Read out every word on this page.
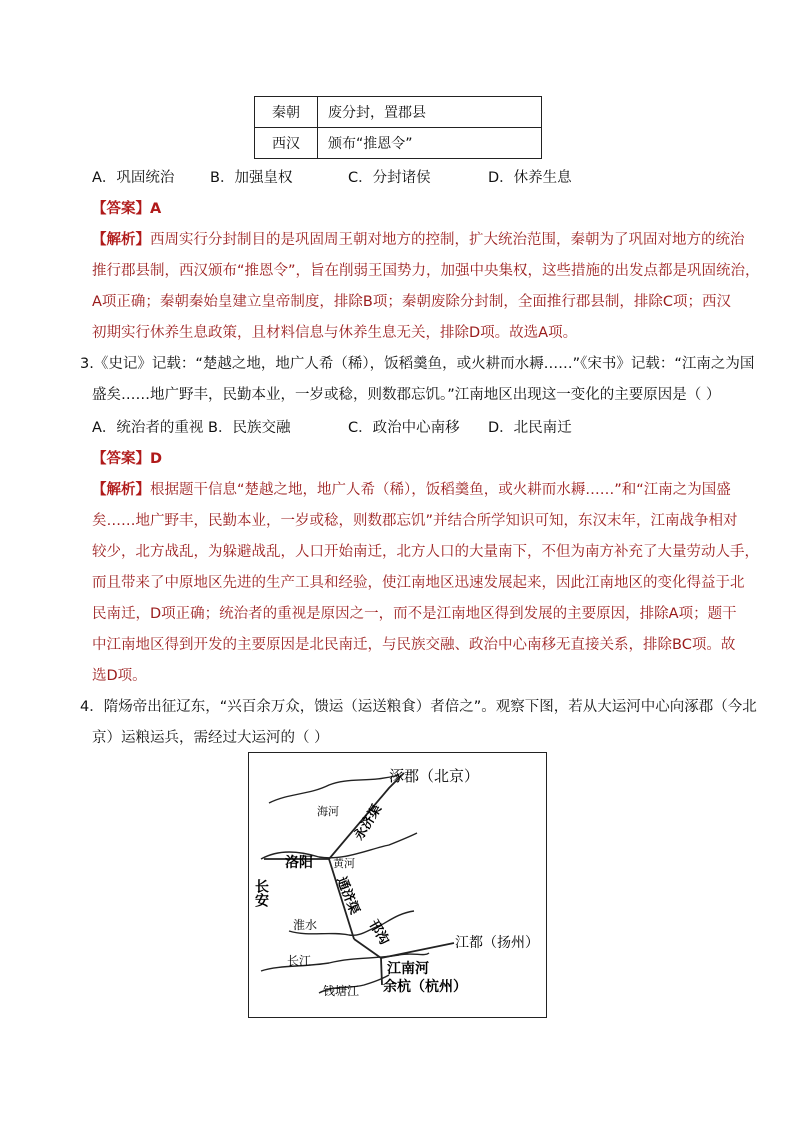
秦朝	废分封，置郡县
西汉	颁布“推恩令”
A．巩固统治 B．加强皇权	C．分封诸侯	D．休养生息
【答案】A
【解析】西周实行分封制目的是巩固周王朝对地方的控制，扩大统治范围，秦朝为了巩固对地方的统治
推行郡县制，西汉颁布“推恩令”，旨在削弱王国势力，加强中央集权，这些措施的出发点都是巩固统治，
A项正确；秦朝秦始皇建立皇帝制度，排除B项；秦朝废除分封制，全面推行郡县制，排除C项；西汉
初期实行休养生息政策，且材料信息与休养生息无关，排除D项。故选A项。
3.《史记》记载：“楚越之地，地广人希（稀），饭稻羹鱼，或火耕而水耨……”《宋书》记载：“江南之为国
盛矣……地广野丰，民勤本业，一岁或稔，则数郡忘饥。”江南地区出现这一变化的主要原因是（ ）
A．统治者的重视 B．民族交融	C．政治中心南移 D．北民南迁
【答案】D
【解析】根据题干信息“楚越之地，地广人希（稀），饭稻羹鱼，或火耕而水耨……”和“江南之为国盛
矣……地广野丰，民勤本业，一岁或稔，则数郡忘饥”并结合所学知识可知，东汉末年，江南战争相对
较少，北方战乱，为躲避战乱，人口开始南迁，北方人口的大量南下，不但为南方补充了大量劳动人手，
而且带来了中原地区先进的生产工具和经验，使江南地区迅速发展起来，因此江南地区的变化得益于北
民南迁，D项正确；统治者的重视是原因之一，而不是江南地区得到发展的主要原因，排除A项；题干
中江南地区得到开发的主要原因是北民南迁，与民族交融、政治中心南移无直接关系，排除BC项。故
选D项。
4．隋炀帝出征辽东，“兴百余万众，馈运（运送粮食）者倍之”。观察下图，若从大运河中心向涿郡（今北
京）运粮运兵，需经过大运河的（ ）
涿郡（北京）
海河 永济渠
洛阳 黄河
长安	通济渠
淮水	邗沟	江都（扬州）
长江	江南河
钱塘江 余杭（杭州）
